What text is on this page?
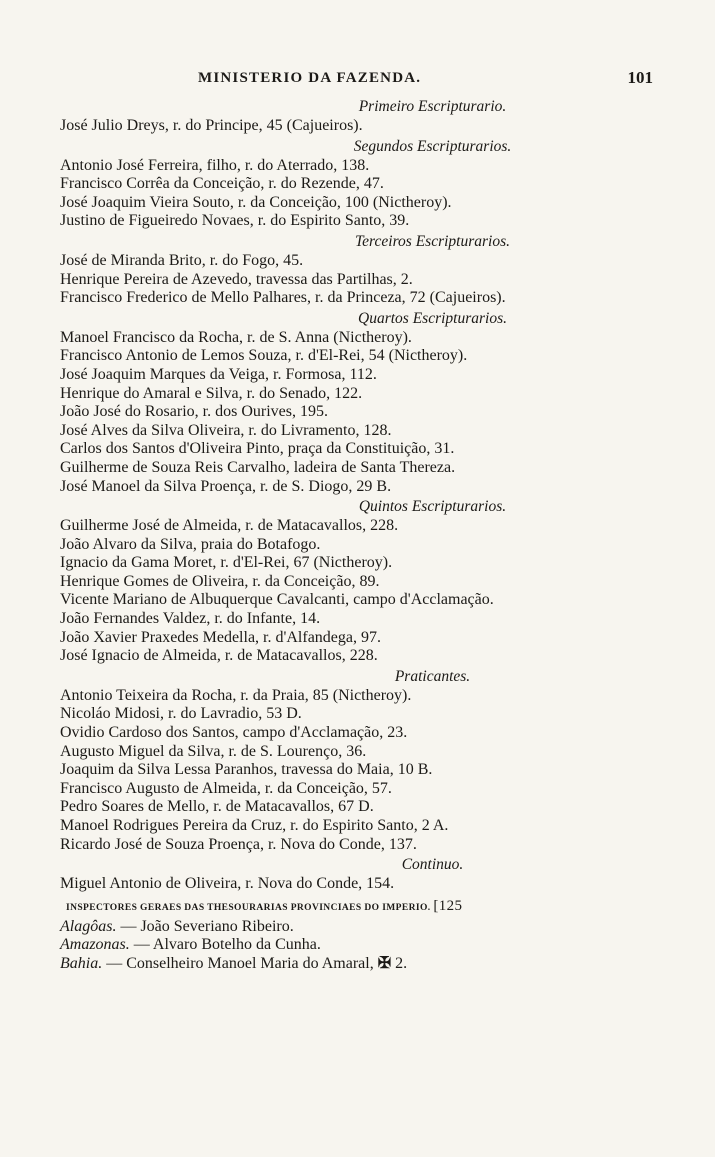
MINISTERIO DA FAZENDA.	101
Primeiro Escripturario.
José Julio Dreys, r. do Principe, 45 (Cajueiros).
Segundos Escripturarios.
Antonio José Ferreira, filho, r. do Aterrado, 138.
Francisco Corrêa da Conceição, r. do Rezende, 47.
José Joaquim Vieira Souto, r. da Conceição, 100 (Nictheroy).
Justino de Figueiredo Novaes, r. do Espirito Santo, 39.
Terceiros Escripturarios.
José de Miranda Brito, r. do Fogo, 45.
Henrique Pereira de Azevedo, travessa das Partilhas, 2.
Francisco Frederico de Mello Palhares, r. da Princeza, 72 (Cajueiros).
Quartos Escripturarios.
Manoel Francisco da Rocha, r. de S. Anna (Nictheroy).
Francisco Antonio de Lemos Souza, r. d'El-Rei, 54 (Nictheroy).
José Joaquim Marques da Veiga, r. Formosa, 112.
Henrique do Amaral e Silva, r. do Senado, 122.
João José do Rosario, r. dos Ourives, 195.
José Alves da Silva Oliveira, r. do Livramento, 128.
Carlos dos Santos d'Oliveira Pinto, praça da Constituição, 31.
Guilherme de Souza Reis Carvalho, ladeira de Santa Thereza.
José Manoel da Silva Proença, r. de S. Diogo, 29 B.
Quintos Escripturarios.
Guilherme José de Almeida, r. de Matacavallos, 228.
João Alvaro da Silva, praia do Botafogo.
Ignacio da Gama Moret, r. d'El-Rei, 67 (Nictheroy).
Henrique Gomes de Oliveira, r. da Conceição, 89.
Vicente Mariano de Albuquerque Cavalcanti, campo d'Acclamação.
João Fernandes Valdez, r. do Infante, 14.
João Xavier Praxedes Medella, r. d'Alfandega, 97.
José Ignacio de Almeida, r. de Matacavallos, 228.
Praticantes.
Antonio Teixeira da Rocha, r. da Praia, 85 (Nictheroy).
Nicoláo Midosi, r. do Lavradio, 53 D.
Ovidio Cardoso dos Santos, campo d'Acclamação, 23.
Augusto Miguel da Silva, r. de S. Lourenço, 36.
Joaquim da Silva Lessa Paranhos, travessa do Maia, 10 B.
Francisco Augusto de Almeida, r. da Conceição, 57.
Pedro Soares de Mello, r. de Matacavallos, 67 D.
Manoel Rodrigues Pereira da Cruz, r. do Espirito Santo, 2 A.
Ricardo José de Souza Proença, r. Nova do Conde, 137.
Continuo.
Miguel Antonio de Oliveira, r. Nova do Conde, 154.
INSPECTORES GERAES DAS THESOURARIAS PROVINCIAES DO IMPERIO. [125
Alagôas. — João Severiano Ribeiro.
Amazonas. — Alvaro Botelho da Cunha.
Bahia. — Conselheiro Manoel Maria do Amaral, ✠ 2.
